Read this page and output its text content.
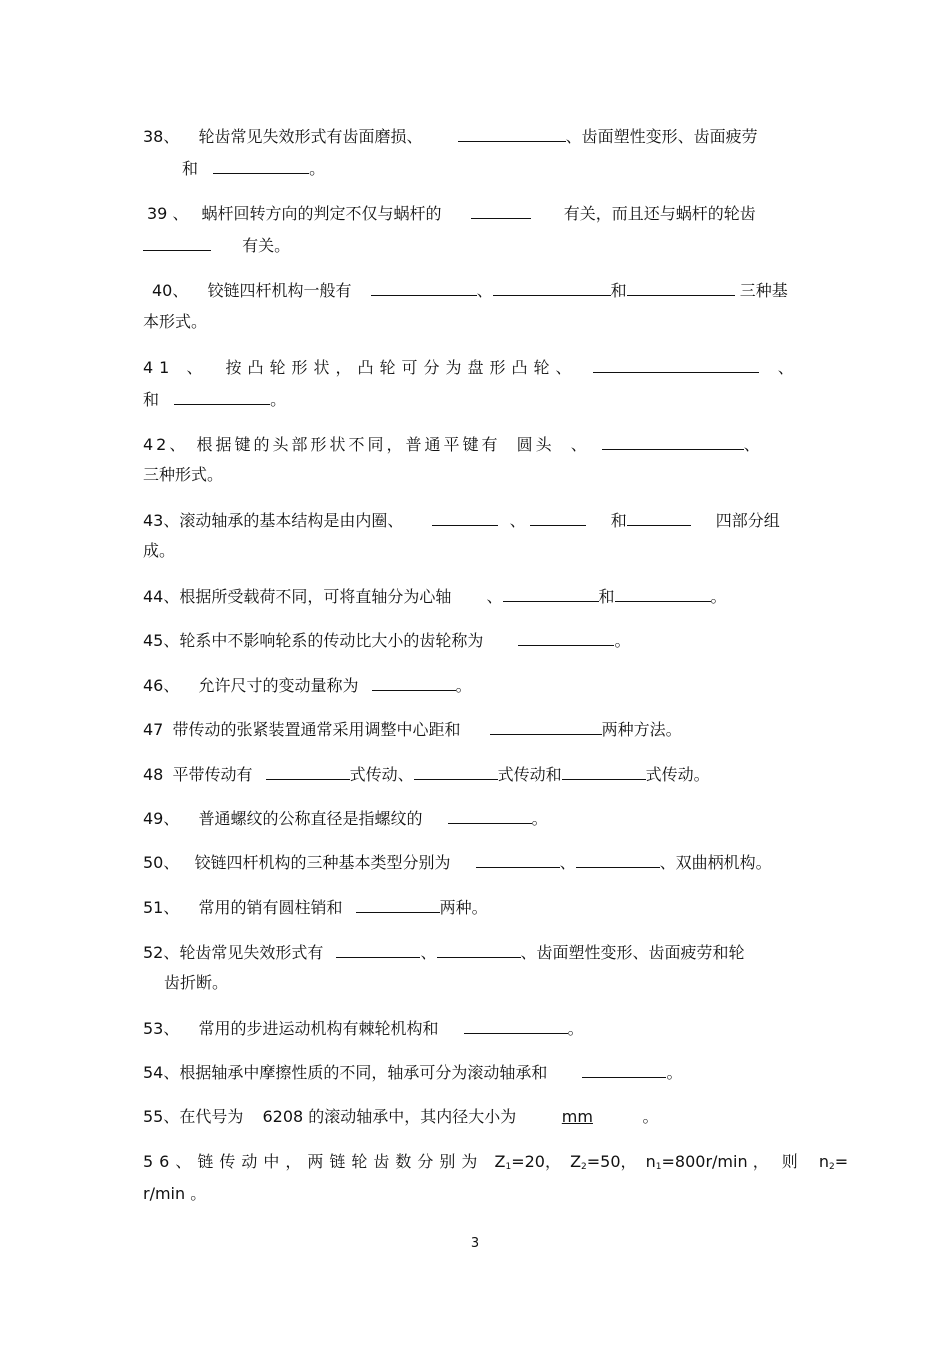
38、 轮齿常见失效形式有齿面磨损、	、齿面塑性变形、齿面疲劳
和	。
39 、 蜗杆回转方向的判定不仅与蜗杆的	有关，而且还与蜗杆的轮齿
有关。
40、 铰链四杆机构一般有	、	和	三种基
本形式。
41 、 按凸轮形状，凸轮可分为盘形凸轮、	、
和	。
42、 根据键的头部形状不同，普通平键有 圆头 、	、
三种形式。
43、滚动轴承的基本结构是由内圈、	、	和	四部分组
成。
44、根据所受载荷不同，可将直轴分为心轴 、	和	。
45、轮系中不影响轮系的传动比大小的齿轮称为	。
46、 允许尺寸的变动量称为	。
47 带传动的张紧装置通常采用调整中心距和	两种方法。
48 平带传动有	式传动、	式传动和	式传动。
49、 普通螺纹的公称直径是指螺纹的	。
50、 铰链四杆机构的三种基本类型分别为	、	、双曲柄机构。
51、 常用的销有圆柱销和	两种。
52、轮齿常见失效形式有	、	、齿面塑性变形、齿面疲劳和轮
齿折断。
53、 常用的步进运动机构有棘轮机构和	。
54、根据轴承中摩擦性质的不同，轴承可分为滚动轴承和	。
55、在代号为 6208 的滚动轴承中，其内径大小为	mm	。
56、链传动中，两链轮齿数分别为 $Z_1=20$， $Z_2=50$， $n_1=800r/\min$ ， 则 $n_2=$
r/min 。
3
